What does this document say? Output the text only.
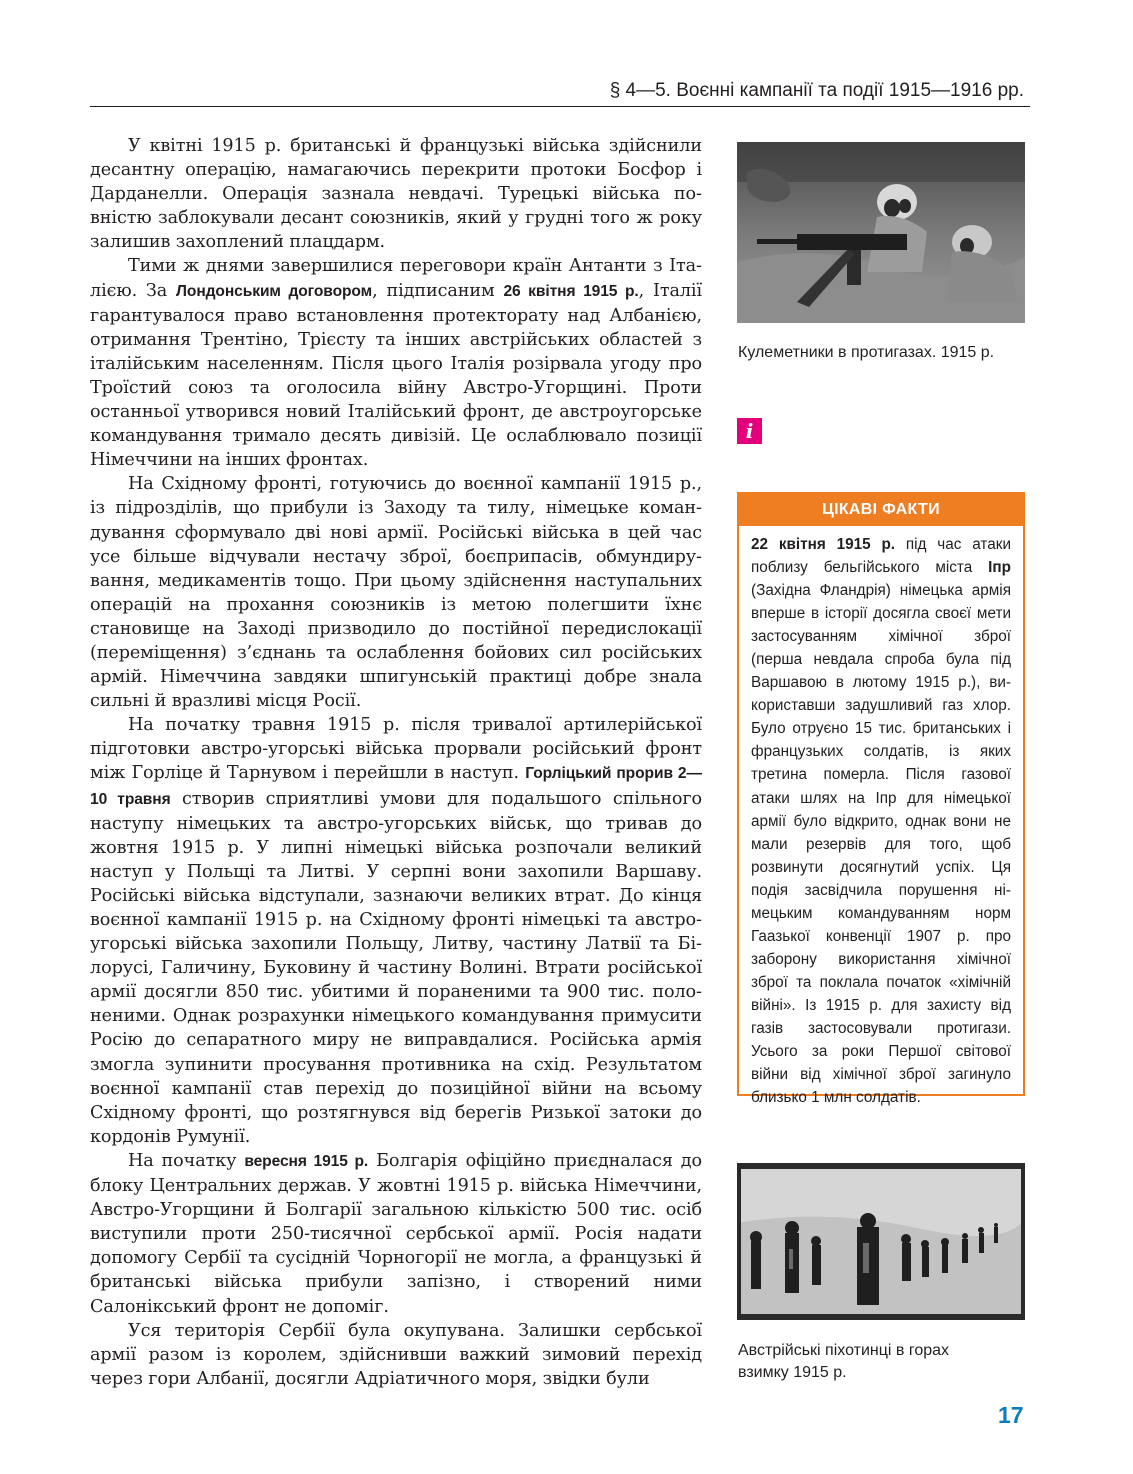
§ 4—5. Воєнні кампанії та події 1915—1916 рр.

У квітні 1915 р. британські й французькі війська здійснили десантну операцію, намагаючись перекрити протоки Босфор і Дарданелли. Операція зазнала невдачі. Турецькі війська повністю заблокували десант союзників, який у грудні того ж року залишив захоплений плацдарм.

Тими ж днями завершилися переговори країн Антанти з Італією. За Лондонським договором, підписаним 26 квітня 1915 р., Італії гарантувалося право встановлення протекторату над Албанією, отримання Трентіно, Трієсту та інших австрійських областей з італійським населенням. Після цього Італія розірвала угоду про Троїстий союз та оголосила війну Австро-Угорщині. Проти останньої утворився новий Італійський фронт, де австроугорське командування тримало десять дивізій. Це ослаблювало позиції Німеччини на інших фронтах.

На Східному фронті, готуючись до воєнної кампанії 1915 р., із підрозділів, що прибули із Заходу та тилу, німецьке командування сформувало дві нові армії. Російські війська в цей час усе більше відчували нестачу зброї, боєприпасів, обмундирування, медикаментів тощо. При цьому здійснення наступальних операцій на прохання союзників із метою полегшити їхнє становище на Заході призводило до постійної передислокації (переміщення) з’єднань та ослаблення бойових сил російських армій. Німеччина завдяки шпигунській практиці добре знала сильні й вразливі місця Росії.

На початку травня 1915 р. після тривалої артилерійської підготовки австро-угорські війська прорвали російський фронт між Горліце й Тарнувом і перейшли в наступ. Горліцький прорив 2—10 травня створив сприятливі умови для подальшого спільного наступу німецьких та австро-угорських військ, що тривав до жовтня 1915 р. У липні німецькі війська розпочали великий наступ у Польщі та Литві. У серпні вони захопили Варшаву. Російські війська відступали, зазнаючи великих втрат. До кінця воєнної кампанії 1915 р. на Східному фронті німецькі та австроугорські війська захопили Польщу, Литву, частину Латвії та Білорусі, Галичину, Буковину й частину Волині. Втрати російської армії досягли 850 тис. убитими й пораненими та 900 тис. полоненими. Однак розрахунки німецького командування примусити Росію до сепаратного миру не виправдалися. Російська армія змогла зупинити просування противника на схід. Результатом воєнної кампанії став перехід до позиційної війни на всьому Східному фронті, що розтягнувся від берегів Ризької затоки до кордонів Румунії.

На початку вересня 1915 р. Болгарія офіційно приєдналася до блоку Центральних держав. У жовтні 1915 р. війська Німеччини, Австро-Угорщини й Болгарії загальною кількістю 500 тис. осіб виступили проти 250-тисячної сербської армії. Росія надати допомогу Сербії та сусідній Чорногорії не могла, а французькі й британські війська прибули запізно, і створений ними Салонікський фронт не допоміг.

Уся територія Сербії була окупувана. Залишки сербської армії разом із королем, здійснивши важкий зимовий перехід через гори Албанії, досягли Адріатичного моря, звідки були

Кулеметники в протигазах. 1915 р.
i
ЦІКАВІ ФАКТИ
22 квітня 1915 р. під час атаки поблизу бельгійського міста Іпр (Західна Фландрія) німецька армія вперше в історії досягла своєї мети застосуванням хімічної зброї (перша невдала спроба була під Варшавою в лютому 1915 р.), використавши задушливий газ хлор. Було отруєно 15 тис. британських і французьких солдатів, із яких третина померла. Після газової атаки шлях на Іпр для німецької армії було відкрито, однак вони не мали резервів для того, щоб розвинути досягнутий успіх. Ця подія засвідчила порушення німецьким командуванням норм Гаазької конвенції 1907 р. про заборону використання хімічної зброї та поклала початок «хімічній війні». Із 1915 р. для захисту від газів застосовували протигази. Усього за роки Першої світової війни від хімічної зброї загинуло близько 1 млн солдатів.
Австрійські піхотинці в горах взимку 1915 р.
17
